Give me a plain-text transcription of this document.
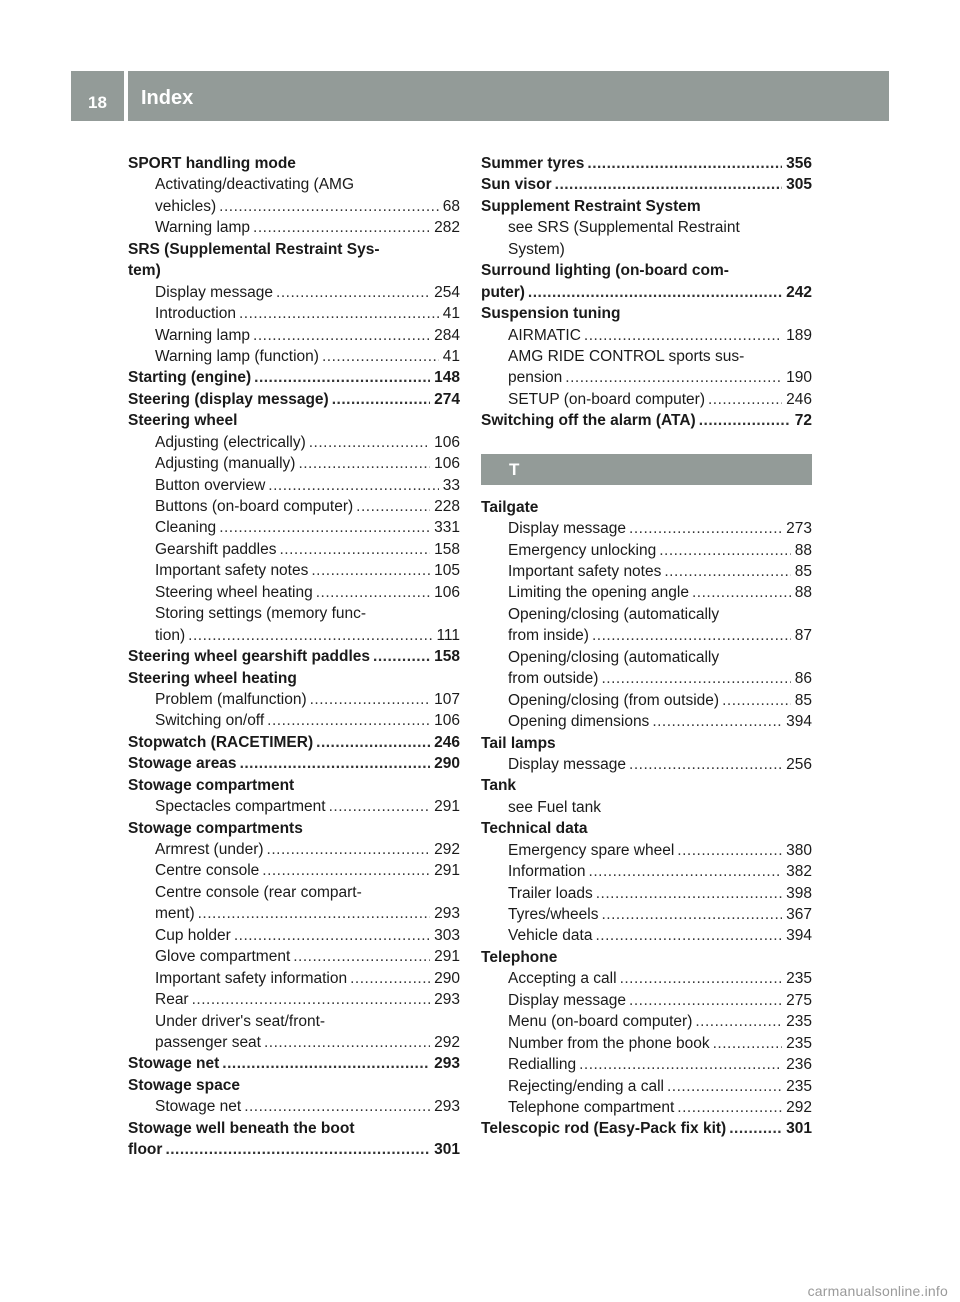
18	Index
SPORT handling mode
Activating/deactivating (AMG
vehicles) .....	68
Warning lamp .....	282
SRS (Supplemental Restraint Sys-
tem)
Display message .....	254
Introduction .....	41
Warning lamp .....	284
Warning lamp (function) .....	41
Starting (engine) .....	148
Steering (display message) .....	274
Steering wheel
Adjusting (electrically) .....	106
Adjusting (manually) .....	106
Button overview .....	33
Buttons (on-board computer) .....	228
Cleaning .....	331
Gearshift paddles .....	158
Important safety notes .....	105
Steering wheel heating .....	106
Storing settings (memory func-
tion) .....	111
Steering wheel gearshift paddles .....	158
Steering wheel heating
Problem (malfunction) .....	107
Switching on/off .....	106
Stopwatch (RACETIMER) .....	246
Stowage areas .....	290
Stowage compartment
Spectacles compartment .....	291
Stowage compartments
Armrest (under) .....	292
Centre console .....	291
Centre console (rear compart-
ment) .....	293
Cup holder .....	303
Glove compartment .....	291
Important safety information .....	290
Rear .....	293
Under driver's seat/front-
passenger seat .....	292
Stowage net .....	293
Stowage space
Stowage net .....	293
Stowage well beneath the boot
floor .....	301
Summer tyres .....	356
Sun visor .....	305
Supplement Restraint System
see SRS (Supplemental Restraint
System)
Surround lighting (on-board com-
puter) .....	242
Suspension tuning
AIRMATIC .....	189
AMG RIDE CONTROL sports sus-
pension .....	190
SETUP (on-board computer) .....	246
Switching off the alarm (ATA) .....	72
T
Tailgate
Display message .....	273
Emergency unlocking .....	88
Important safety notes .....	85
Limiting the opening angle .....	88
Opening/closing (automatically
from inside) .....	87
Opening/closing (automatically
from outside) .....	86
Opening/closing (from outside) .....	85
Opening dimensions .....	394
Tail lamps
Display message .....	256
Tank
see Fuel tank
Technical data
Emergency spare wheel .....	380
Information .....	382
Trailer loads .....	398
Tyres/wheels .....	367
Vehicle data .....	394
Telephone
Accepting a call .....	235
Display message .....	275
Menu (on-board computer) .....	235
Number from the phone book .....	235
Redialling .....	236
Rejecting/ending a call .....	235
Telephone compartment .....	292
Telescopic rod (Easy-Pack fix kit) .....	301
carmanualsonline.info
